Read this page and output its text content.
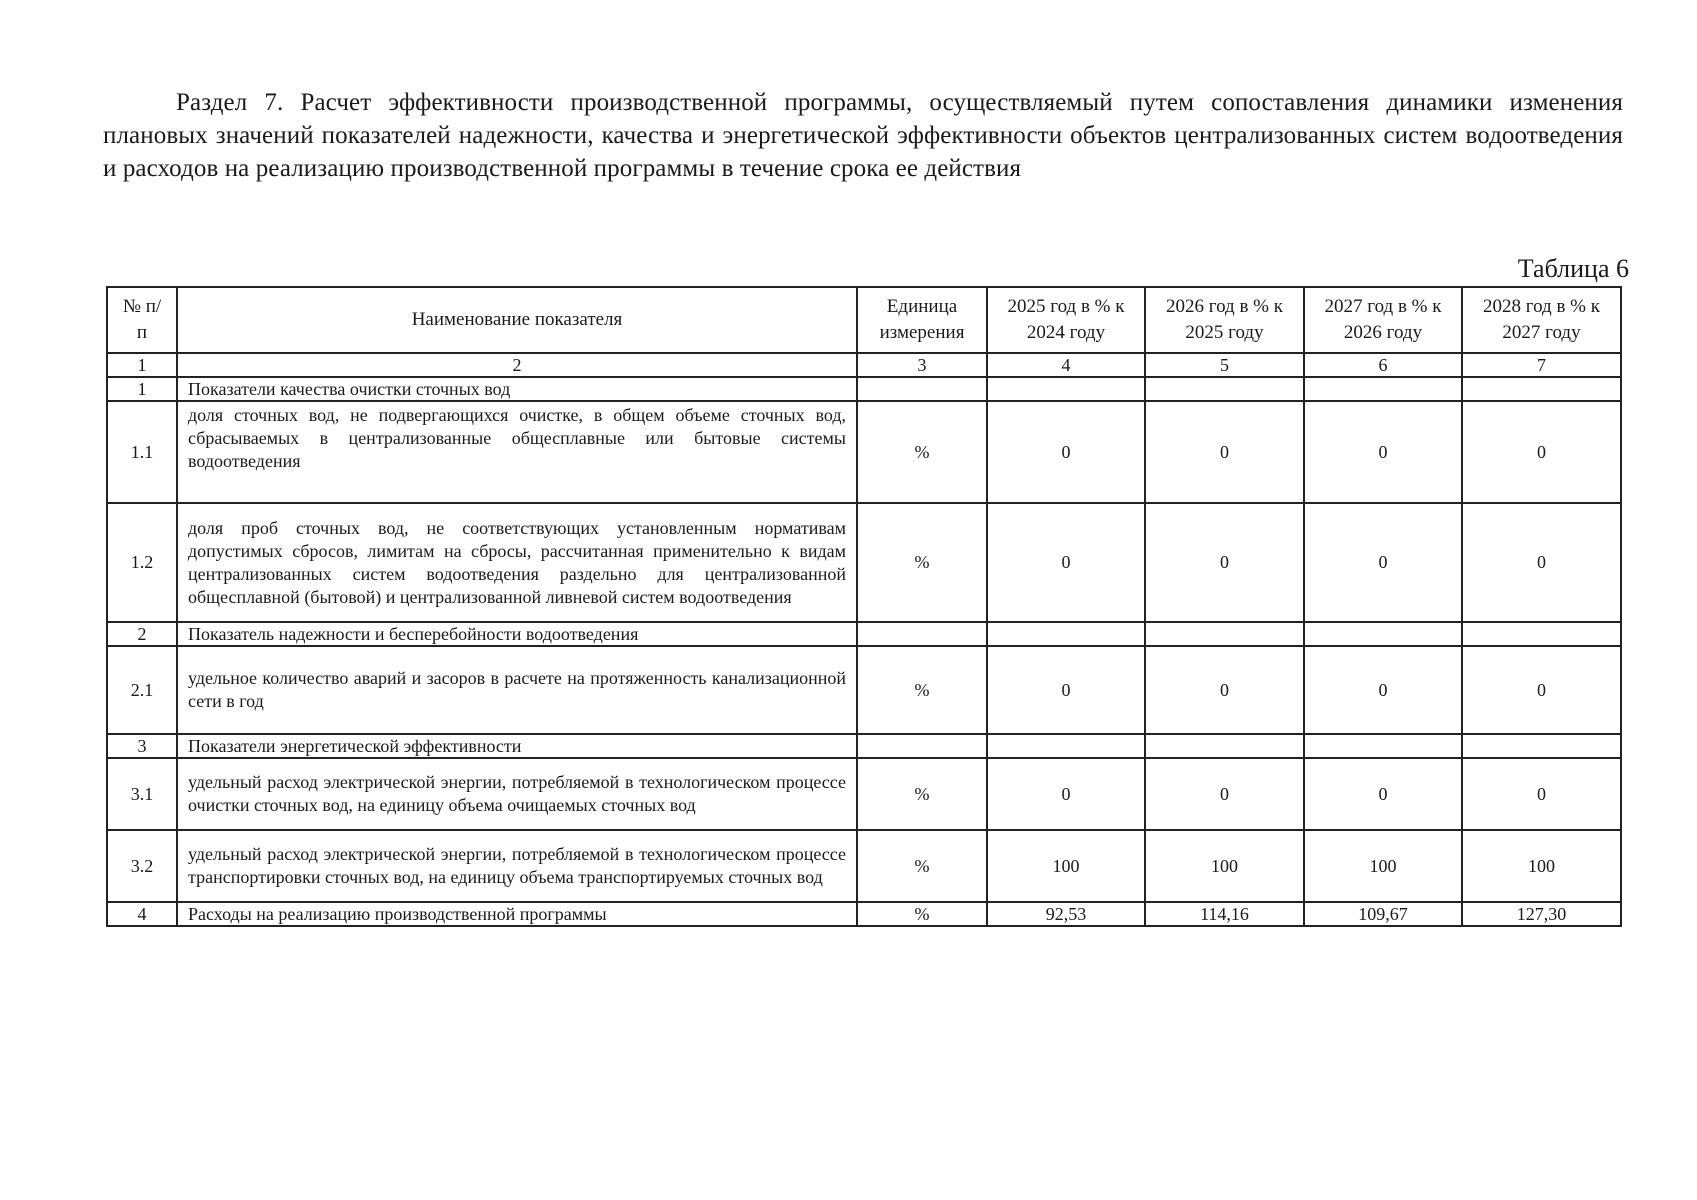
Раздел 7. Расчет эффективности производственной программы, осуществляемый путем сопоставления динамики изменения плановых значений показателей надежности, качества и энергетической эффективности объектов централизованных систем водоотведения и расходов на реализацию производственной программы в течение срока ее действия
Таблица 6
№ п/п	Наименование показателя	Единица измерения	2025 год в % к 2024 году	2026 год в % к 2025 году	2027 год в % к 2026 году	2028 год в % к 2027 году
1	2	3	4	5	6	7
1	Показатели качества очистки сточных вод					
1.1	доля сточных вод, не подвергающихся очистке, в общем объеме сточных вод, сбрасываемых в централизованные общесплавные или бытовые системы водоотведения	%	0	0	0	0
1.2	доля проб сточных вод, не соответствующих установленным нормативам допустимых сбросов, лимитам на сбросы, рассчитанная применительно к видам централизованных систем водоотведения раздельно для централизованной общесплавной (бытовой) и централизованной ливневой систем водоотведения	%	0	0	0	0
2	Показатель надежности и бесперебойности водоотведения					
2.1	удельное количество аварий и засоров в расчете на протяженность канализационной сети в год	%	0	0	0	0
3	Показатели энергетической эффективности					
3.1	удельный расход электрической энергии, потребляемой в технологическом процессе очистки сточных вод, на единицу объема очищаемых сточных вод	%	0	0	0	0
3.2	удельный расход электрической энергии, потребляемой в технологическом процессе транспортировки сточных вод, на единицу объема транспортируемых сточных вод	%	100	100	100	100
4	Расходы на реализацию производственной программы	%	92,53	114,16	109,67	127,30
